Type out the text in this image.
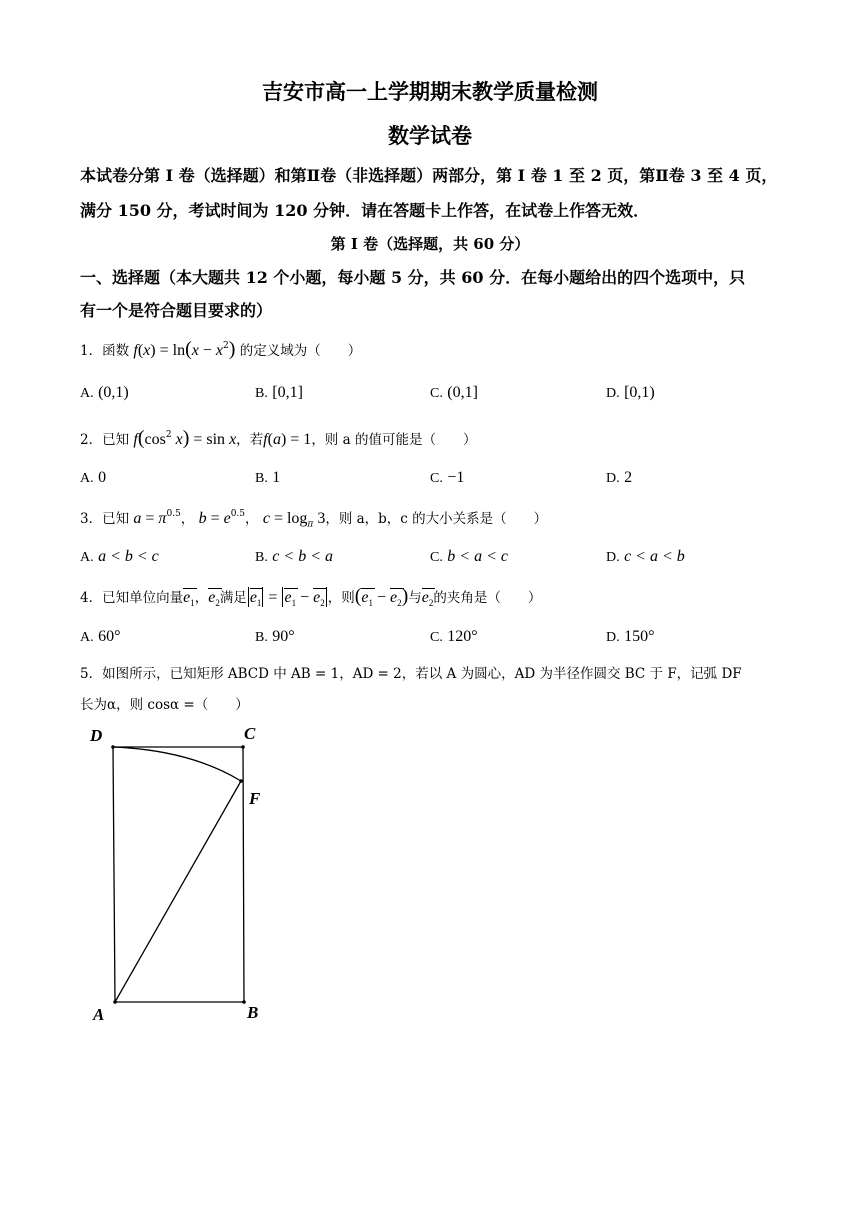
吉安市高一上学期期末教学质量检测
数学试卷
本试卷分第 I 卷（选择题）和第Ⅱ卷（非选择题）两部分，第 I 卷 1 至 2 页，第Ⅱ卷 3 至 4 页，
满分 150 分，考试时间为 120 分钟．请在答题卡上作答，在试卷上作答无效．
第 I 卷（选择题，共 60 分）
一、选择题（本大题共 12 个小题，每小题 5 分，共 60 分．在每小题给出的四个选项中，只
有一个是符合题目要求的）
1．函数 $f(x) = \ln(x - x^2)$ 的定义域为（　　）
A. (0,1)	B. [0,1]	C. (0,1]	D. [0,1)
2．已知 $f(\cos^2$ x) = sin x，若f(a) = 1，则 a 的值可能是（　　）
A. 0	B. 1	C. −1	D. 2
3．已知 $a = \pi^{0.5}$， $b = e^{0.5}$， $c = \log_\pi 3$，则 a，b，c 的大小关系是（　　）
A. a < b < c	B. c < b < a	C. b < a < c	D. c < a < b
4．已知单位向量$e_1$，$e_2$满足 $e_1 = e_1 - e_2$ ，则$(e_1 - e_2)$与$e_2$的夹角是（　　）
A. 60°	B. 90°	C. 120°	D. 150°
5．如图所示，已知矩形 ABCD 中 AB = 1，AD = 2，若以 A 为圆心，AD 为半径作圆交 BC 于 F，记弧 DF
长为α，则 cosα =（　　）
D	C
F
A	B
